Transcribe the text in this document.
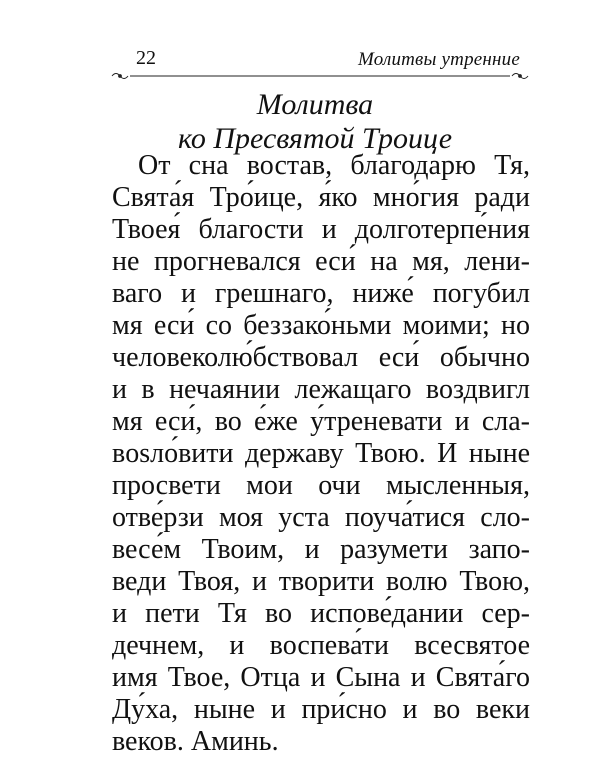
22	Молитвы утренние
Молитва
ко Пресвятой Троице
От сна востав, благодарю Тя,
Свята́я Тро́ице, я́ко мно́гия ради
Твоея́ благости и долготерпе́ния
не прогневался еси́ на мя, лени-
ваго и грешнаго, ниже́ погубил
мя еси́ со беззако́ньми моими; но
человеколю́бствовал еси́ обычно
и в нечаянии лежащаго воздвигл
мя еси́, во е́же у́треневати и сла-
вosло́вити державу Твою. И ныне
просвети мои очи мысленныя,
отве́рзи моя уста поуча́тися сло-
весе́м Твоим, и разумети запо-
веди Твоя, и творити волю Твою,
и пети Тя во испове́дании сер-
дечнем, и воспева́ти всесвятое
имя Твое, Отца и Сына и Свята́го
Ду́ха, ныне и при́сно и во веки
веков. Аминь.
